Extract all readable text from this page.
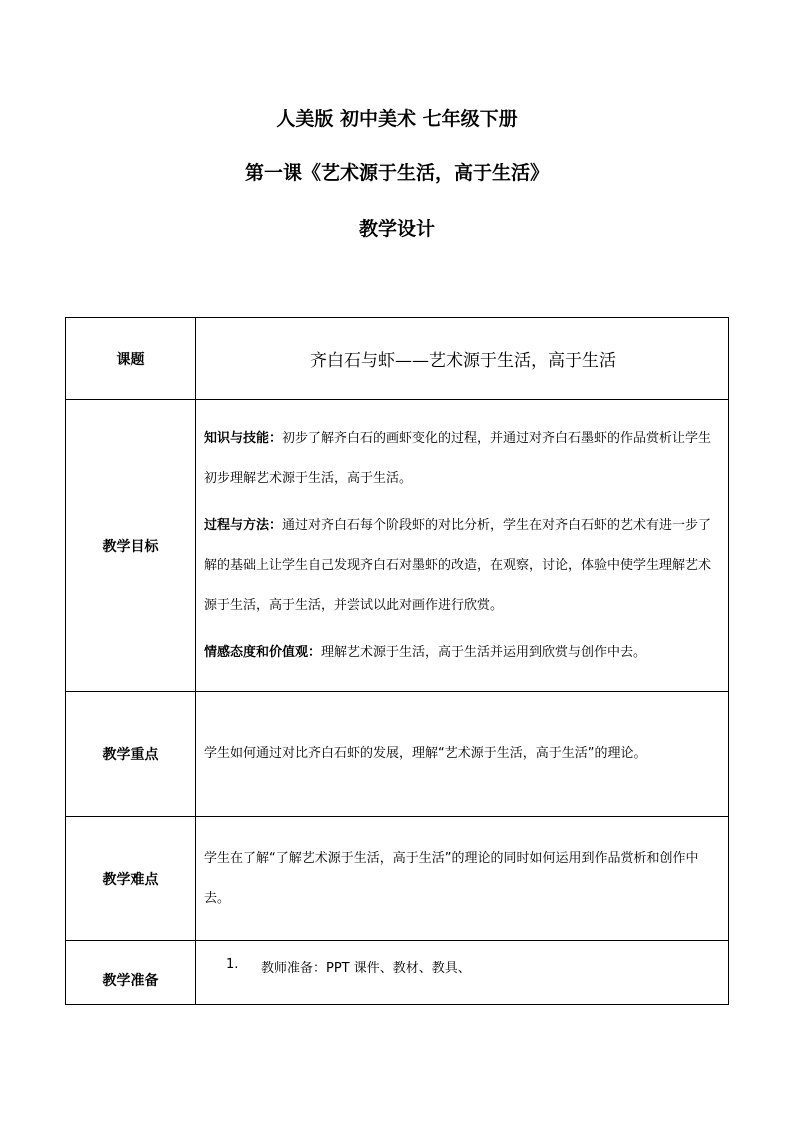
人美版 初中美术 七年级下册
第一课《艺术源于生活，高于生活》
教学设计
课题	齐白石与虾——艺术源于生活，高于生活

教学目标	知识与技能：初步了解齐白石的画虾变化的过程，并通过对齐白石墨虾的作品赏析让学生初步理解艺术源于生活，高于生活。

过程与方法：通过对齐白石每个阶段虾的对比分析，学生在对齐白石虾的艺术有进一步了解的基础上让学生自己发现齐白石对墨虾的改造，在观察，讨论，体验中使学生理解艺术源于生活，高于生活，并尝试以此对画作进行欣赏。

情感态度和价值观：理解艺术源于生活，高于生活并运用到欣赏与创作中去。

教学重点	学生如何通过对比齐白石虾的发展，理解“艺术源于生活，高于生活”的理论。
教学难点	学生在了解“了解艺术源于生活，高于生活”的理论的同时如何运用到作品赏析和创作中去。
教学准备	1. 教师准备：PPT 课件、教材、教具、
